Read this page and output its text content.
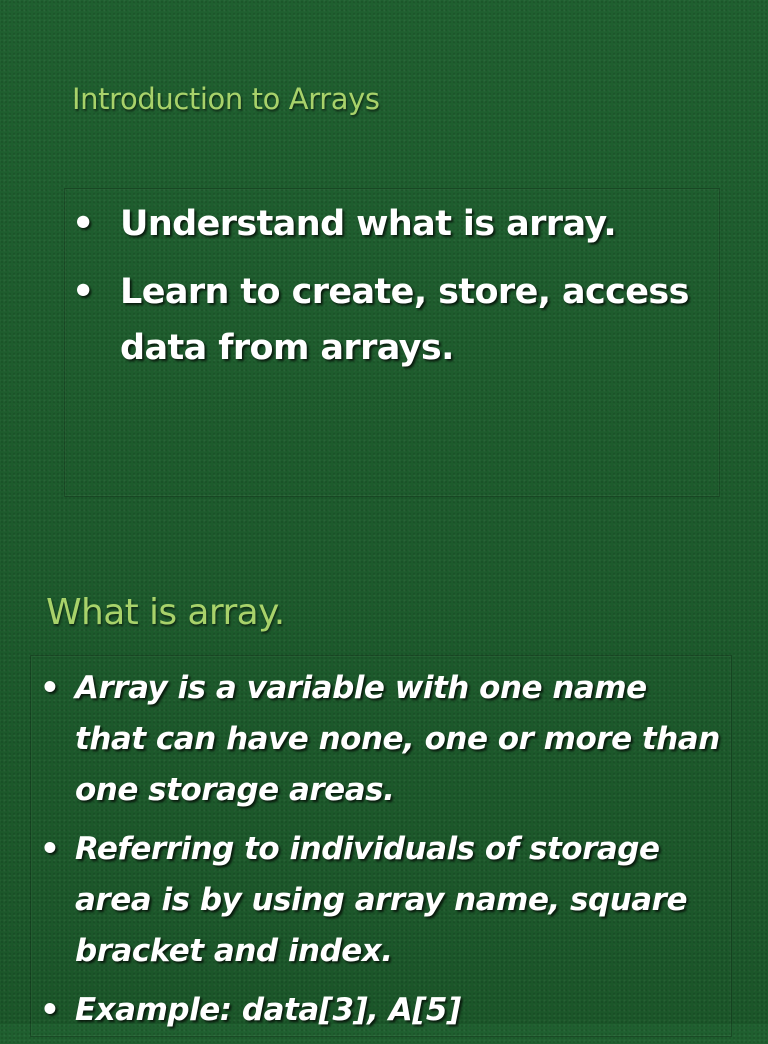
Introduction to Arrays
• Understand what is array.
• Learn to create, store, access data from arrays.
What is array.
• Array is a variable with one name that can have none, one or more than one storage areas.
• Referring to individuals of storage area is by using array name, square bracket and index.
• Example: data[3], A[5]
